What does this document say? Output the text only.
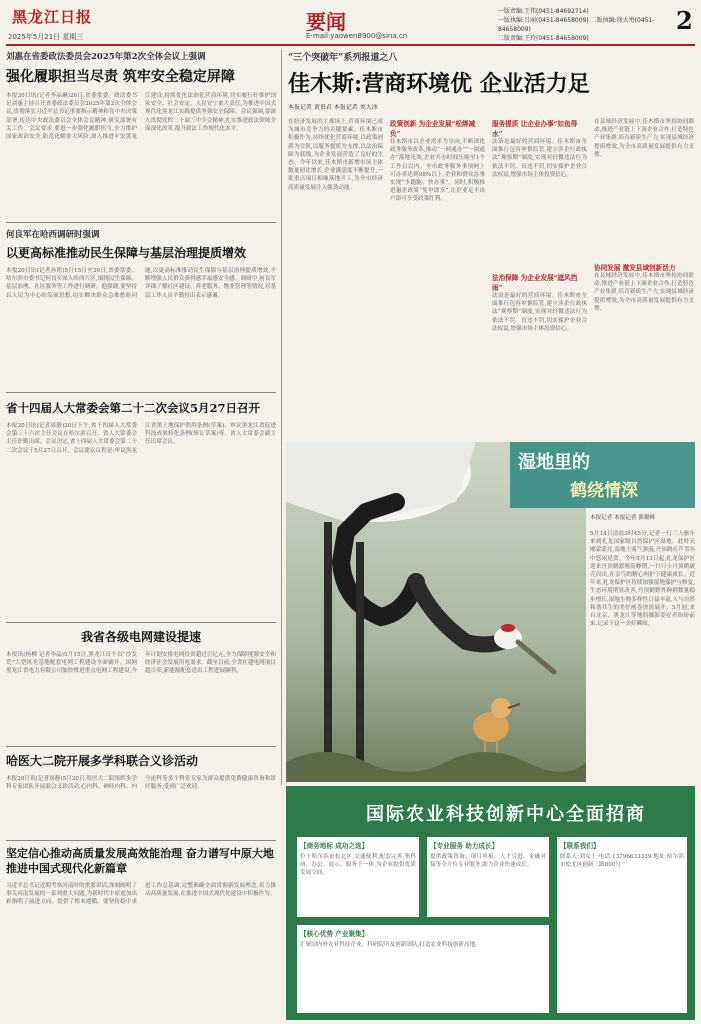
黑龙江日报
2025年5月21日 星期三
要闻
E-mail:yaowen8900@sina.cn
一版责编:王伟(0451-84692714)
一版执编:吕丽(0451-84658009) 二版执编:徐大勇(0451-84658009)
二版责编:王玲(0451-84658009)
2
刘惠在省委政法委员会2025年第2次全体会议上强调
强化履职担当尽责 筑牢安全稳定屏障
本报20日讯(记者李晶琳)20日,省委常委、政法委书记刘惠主持召开省委政法委员会2025年第2次全体会议,贯彻落实习近平总书记重要指示精神和党中央决策部署,传达中央政法委员会全体会议精神,研究部署有关工作。会议要求,要进一步强化履职担当,全力维护国家政治安全,防范化解重大风险,深入推进平安黑龙江建设,持续优化法治化营商环境,切实履行好维护国家安全、社会安定、人民安宁重大责任,为推进中国式现代化黑龙江实践提供坚强安全保障。会议强调,要深入贯彻党的二十届三中全会精神,扎实推进政法领域全面深化改革,提升政法工作现代化水平。
何良军在哈西调研时强调
以更高标准推动民生保障与基层治理提质增效
本报20日讯(记者孙铭)5月15日至20日,省委常委、哈尔滨市委书记何良军深入哈西片区,围绕民生保障、基层治理、社区服务等工作进行调研。他强调,要坚持以人民为中心的发展思想,切实解决群众急难愁盼问题,以更高标准推动民生保障与基层治理提质增效,不断增强人民群众获得感幸福感安全感。调研中,何良军详细了解社区建设、养老服务、物业管理等情况,对基层工作人员辛勤付出表示感谢。
省十四届人大常委会第二十二次会议5月27日召开
本报20日讯(记者周静)20日下午,省十四届人大常委会第三十六次主任会议在哈尔滨召开。省人大常委会主任许勤出席。会议决定,省十四届人大常委会第二十二次会议于5月27日召开。会议建议议程是:审议黑龙江省黑土地保护利用条例(草案)、审议黑龙江省促进科技成果转化条例(修订草案)等。省人大常委会副主任出席会议。
我省各级电网建设提速
本报讯(杨柳 记者李晶)5月15日,黑龙江首个以“沙戈荒”大型风光基地配套电网工程建设全面铺开。国网黑龙江省电力有限公司加快推进重点电网工程建设,今年计划安排电网投资超过百亿元,全力保障能源安全和经济社会发展用电需求。截至目前,全省在建电网项目超百项,新能源配套送出工程进展顺利。
哈医大二院开展多学科联合义诊活动
本报20日讯(记者周静)5月20日,哈医大二院组织多学科专家团队开展联合义诊活动,心内科、神经内科、内分泌科等多个科室专家为群众提供免费健康咨询和诊疗服务,受到广泛欢迎。
坚定信心推动高质量发展高效能治理 奋力谱写中原大地推进中国式现代化新篇章
习近平总书记近期考察河南时的重要讲话,深刻阐明了事关河南发展的一系列重大问题,为新时代中原更加出彩指明了前进方向、提供了根本遵循。要坚持稳中求进工作总基调,完整准确全面贯彻新发展理念,着力推动高质量发展,在推进中国式现代化建设中积极作为。
“三个突破年”系列报道之八
佳木斯:营商环境优 企业活力足
本报记者 黄贵君 本报记者 刘大冰
在经济发展的主战场上,营商环境已成为城市竞争力的关键要素。佳木斯市积极作为,持续优化营商环境,以政策创新为引领,以服务提质为支撑,以法治保障为底线,为企业发展营造了良好的生态。今年以来,佳木斯市新增市场主体数量同比增长,企业满意度不断提升,一批重点项目相继落地开工,为全市经济高质量发展注入强劲动能。
政策创新 为企业发展“松绑减负”
佳木斯市以企业需求为导向,不断深化政务服务改革,推动“一网通办”“一窗通办”落地见效,企业开办时间压缩至1个工作日以内。全市政务服务事项网上可办率达到98%以上,企业和群众办事实现“少跑腿、快办事”。同时,积极推进惠企政策“免申即享”,让企业足不出户即可享受政策红利。
服务提质 让企业办事“如鱼得水”
法治是最好的营商环境。佳木斯市全面推行包容审慎监管,建立涉企行政执法“观察期”制度,实现对轻微违法行为依法不罚、首违不罚,切实保护企业合法权益,增强市场主体投资信心。
法治保障 为企业发展“遮风挡雨”
法治是最好的营商环境。佳木斯市全面推行包容审慎监管,建立涉企行政执法“观察期”制度,实现对轻微违法行为依法不罚、首违不罚,切实保护企业合法权益,增强市场主体投资信心。
在县域经济发展中,佳木斯市坚持协同联动,推进产业链上下游企业合作,打造特色产业集群,培育新质生产力,实现县域经济提质增效,为全市高质量发展提供有力支撑。
协同发展 激发县域创新活力
在县域经济发展中,佳木斯市坚持协同联动,推进产业链上下游企业合作,打造特色产业集群,培育新质生产力,实现县域经济提质增效,为全市高质量发展提供有力支撑。
湿地里的
鹤绕情深
本报记者 本报记者 郭俊峰
5月14日清晨3时45分,记者一行三人驱车来到扎龙国家级自然保护区湿地。此时天刚蒙蒙亮,湿地上雾气弥漫,丹顶鹤在芦苇丛中悠闲觅食。今年5月13日起,扎龙保护区迎来丹顶鹤繁殖高峰期,一只只小丹顶鹤破壳而出,在亲鸟的精心呵护下健康成长。近年来,扎龙保护区持续加强湿地保护与修复,生态环境明显改善,丹顶鹤野外种群数量稳步增长,湿地生物多样性日益丰富,人与自然和谐共生的美好画卷徐徐展开。5月初,来自北京、黑龙江等地的摄影爱好者纷纷前来,记录下这一美好瞬间。
国际农业科技创新中心全面招商
【商务地标 成功之选】
位于哈尔滨市松北区,交通便利,配套完善,集科研、办公、展示、服务于一体,为企业提供优质发展空间。
【专业服务 助力成长】
提供政策咨询、项目申报、人才引进、金融对接等全方位专业服务,助力企业快速成长。
【核心优势 产业聚集】
汇聚国内外农业科技企业、科研院所及创新团队,打造农业科技创新高地。
【联系我们】
联系人:刘女士 电话:13796633339 地址:哈尔滨市松北区创新三路800号
